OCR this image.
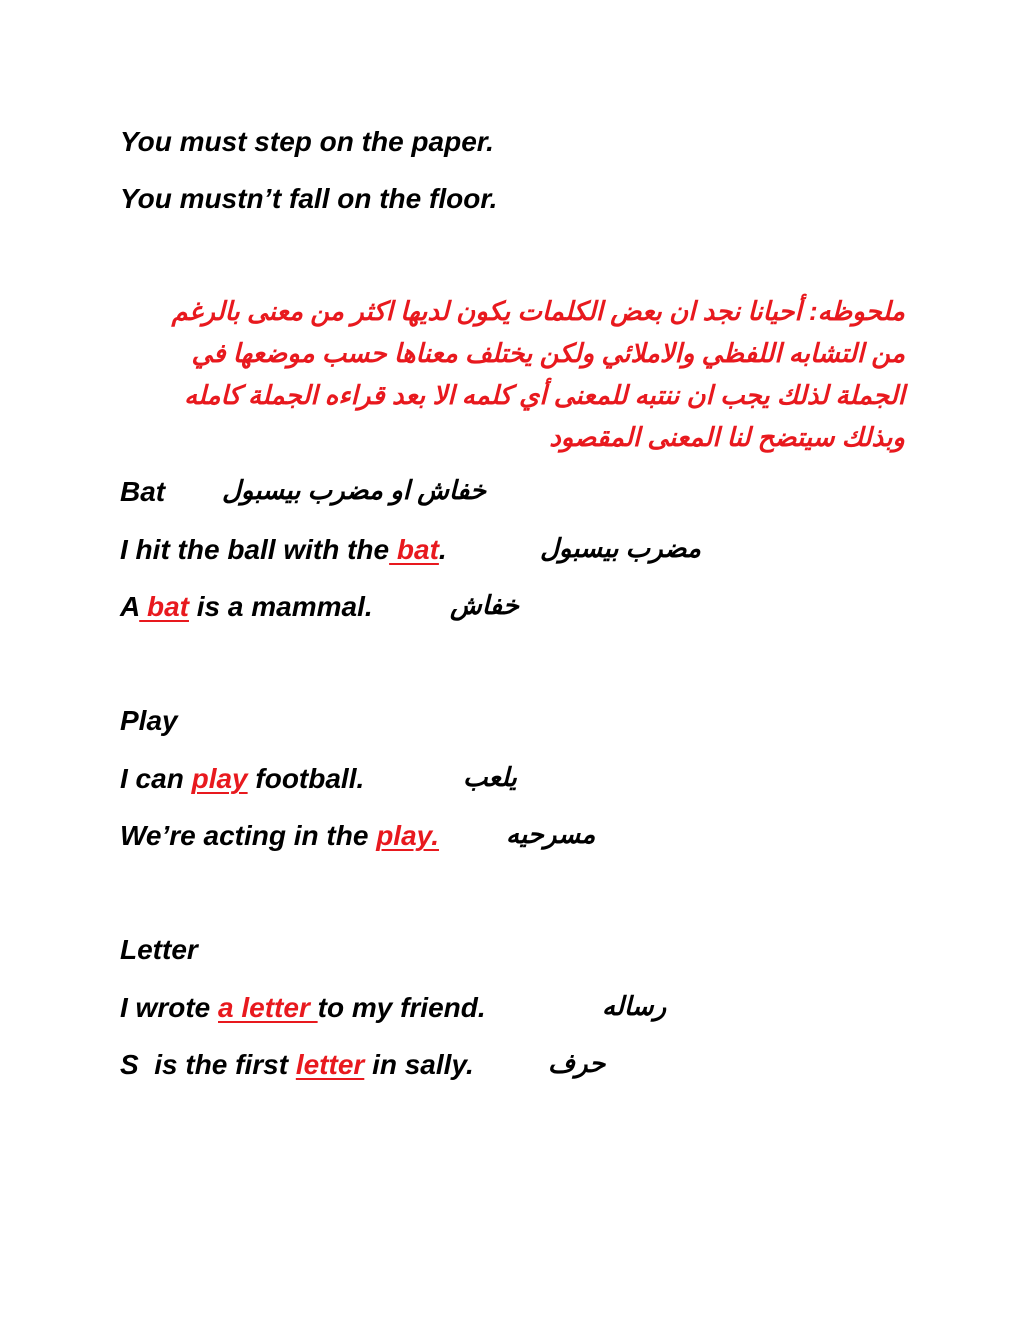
You must step on the paper.
You mustn’t fall on the floor.
ملحوظه: أحيانا نجد ان بعض الكلمات يكون لديها اكثر من معنى بالرغم
من التشابه اللفظي والاملائي ولكن يختلف معناها حسب موضعها في
الجملة لذلك يجب ان ننتبه للمعنى أي كلمه الا بعد قراءه الجملة كامله
وبذلك سيتضح لنا المعنى المقصود
Bat خفاش او مضرب بيسبول
I hit the ball with the bat.	مضرب بيسبول
A bat is a mammal.	خفاش
Play
I can play football.	يلعب
We’re acting in the play.	مسرحيه
Letter
I wrote a letter to my friend.	رساله
S  is the first letter in sally.	حرف
